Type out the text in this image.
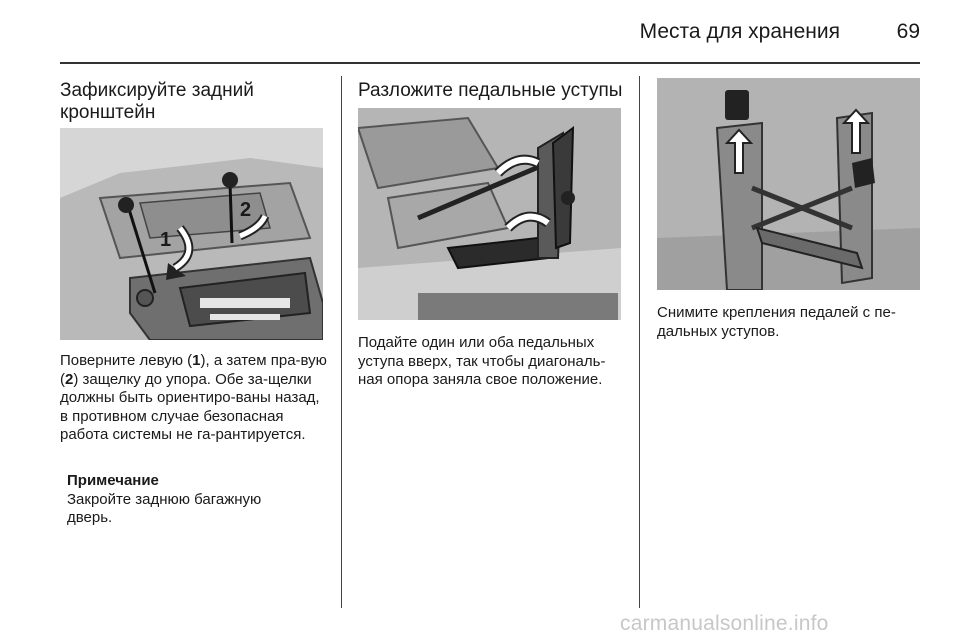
Места для хранения	69
Зафиксируйте задний кронштейн
1
2

Поверните левую (1), а затем пра-вую (2) защелку до упора. Обе за-щелки должны быть ориентиро-ваны назад, в противном случае безопасная работа системы не га-рантируется.

Примечание
Закройте заднюю багажную дверь.
Разложите педальные уступы

Подайте один или оба педальных уступа вверх, так чтобы диагональ-ная опора заняла свое положение.

Снимите крепления педалей с пе-дальных уступов.

carmanualsonline.info
